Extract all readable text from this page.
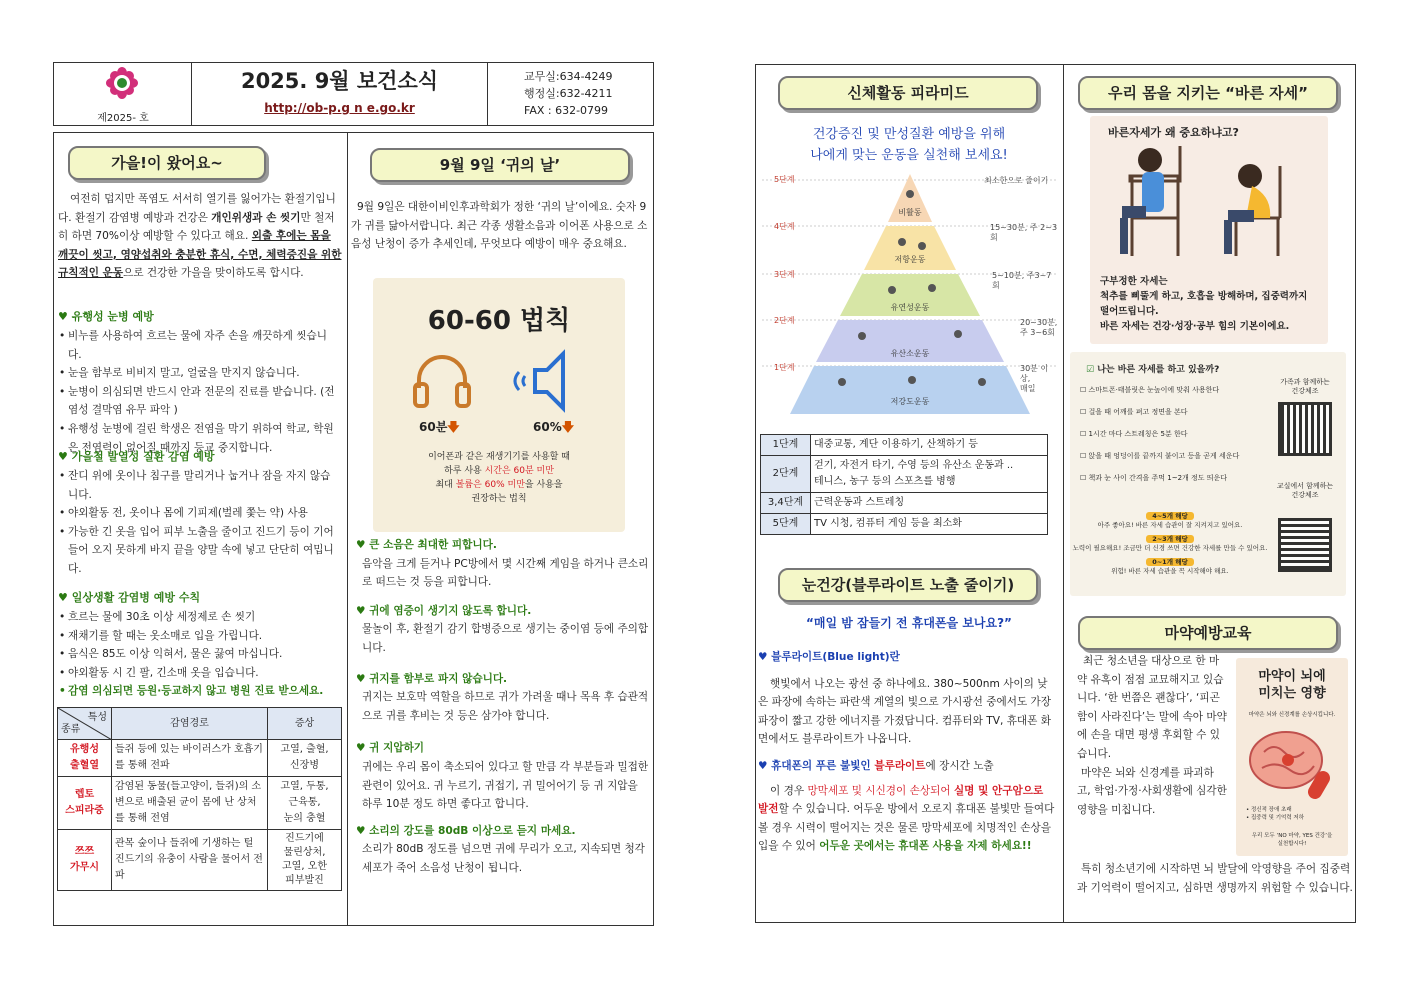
제2025- 호
2025. 9월 보건소식
http://ob-p.g n e.go.kr
교무실:634-4249
행정실:632-4211
FAX : 632-0799
가을!이 왔어요~
여전히 덥지만 폭염도 서서히 열기를 잃어가는 환절기입니다. 환절기 감염병 예방과 건강은 개인위생과 손 씻기만 철저히 하면 70%이상 예방할 수 있다고 해요. 외출 후에는 몸을 깨끗이 씻고, 영양섭취와 충분한 휴식, 수면, 체력증진을 위한 규칙적인 운동으로 건강한 가을을 맞이하도록 합시다.
♥ 유행성 눈병 예방
• 비누를 사용하여 흐르는 물에 자주 손을 깨끗하게 씻습니다.
• 눈을 함부로 비비지 말고, 얼굴을 만지지 않습니다.
• 눈병이 의심되면 반드시 안과 전문의 진료를 받습니다. (전염성 결막염 유무 파악 )
• 유행성 눈병에 걸린 학생은 전염을 막기 위하여 학교, 학원은 전염력이 없어질 때까지 등교 중지합니다.
♥ 가을철 발열성 질환 감염 예방
• 잔디 위에 옷이나 침구를 말리거나 눕거나 잠을 자지 않습니다.
• 야외활동 전, 옷이나 몸에 기피제(벌레 쫓는 약) 사용
• 가능한 긴 옷을 입어 피부 노출을 줄이고 진드기 등이 기어들어 오지 못하게 바지 끝을 양말 속에 넣고 단단히 여밉니다.
♥ 일상생활 감염병 예방 수칙
• 흐르는 물에 30초 이상 세정제로 손 씻기
• 재채기를 할 때는 옷소매로 입을 가립니다.
• 음식은 85도 이상 익혀서, 물은 끓여 마십니다.
• 야외활동 시 긴 팔, 긴소매 옷을 입습니다.
• 감염 의심되면 등원·등교하지 않고 병원 진료 받으세요.
특성
종류	감염경로	증상
유행성
출혈열	들쥐 등에 있는 바이러스가 호흡기를 통해 전파	고열, 출혈,
신장병
렙토
스피라증	감염된 동물(들고양이, 들쥐)의 소변으로 배출된 균이 몸에 난 상처를 통해 전염	고열, 두통,
근육통,
눈의 충혈
쯔쯔
가무시	관목 숲이나 들쥐에 기생하는 털 진드기의 유충이 사람을 물어서 전파	진드기에
물린상처,
고열, 오한
피부발진
9월 9일 ‘귀의 날’
9월 9일은 대한이비인후과학회가 정한 ‘귀의 날’이에요. 숫자 9가 귀를 닮아서랍니다. 최근 각종 생활소음과 이어폰 사용으로 소음성 난청이 증가 추세인데, 무엇보다 예방이 매우 중요해요.
60-60 법칙
60분🡇	60%🡇
이어폰과 같은 재생기기를 사용할 때
하루 사용 시간은 60분 미만
최대 볼륨은 60% 미만을 사용을
권장하는 법칙
♥ 큰 소음은 최대한 피합니다.
음악을 크게 듣거나 PC방에서 몇 시간째 게임을 하거나 큰소리로 떠드는 것 등을 피합니다.
♥ 귀에 염증이 생기지 않도록 합니다.
물놀이 후, 환절기 감기 합병증으로 생기는 중이염 등에 주의합니다.
♥ 귀지를 함부로 파지 않습니다.
귀지는 보호막 역할을 하므로 귀가 가려울 때나 목욕 후 습관적으로 귀를 후비는 것 등은 삼가야 합니다.
♥ 귀 지압하기
귀에는 우리 몸이 축소되어 있다고 할 만큼 각 부분들과 밀접한 관련이 있어요. 귀 누르기, 귀접기, 귀 밀어어기 등 귀 지압을 하루 10분 정도 하면 좋다고 합니다.
♥ 소리의 강도를 80dB 이상으로 듣지 마세요.
소리가 80dB 정도를 넘으면 귀에 무리가 오고, 지속되면 청각세포가 죽어 소음성 난청이 됩니다.
신체활동 피라미드
건강증진 및 만성질환 예방을 위해
나에게 맞는 운동을 실천해 보세요!
5단계
4단계
3단계
2단계
1단계
비활동
저항운동
유연성운동
유산소운동
저강도운동
최소한으로 줄이기
15~30분, 주 2~3회
5~10분, 주3~7회
20~30분,
주 3~6회
30분 이상,
매일
1단계	대중교통, 계단 이용하기, 산책하기 등
2단계	걷기, 자전거 타기, 수영 등의 유산소 운동과 ..
테니스, 농구 등의 스포츠를 병행
3,4단계	근력운동과 스트레칭
5단계	TV 시청, 컴퓨터 게임 등을 최소화
눈건강(블루라이트 노출 줄이기)
“매일 밤 잠들기 전 휴대폰을 보나요?”
♥ 블루라이트(Blue light)란
햇빛에서 나오는 광선 중 하나에요. 380~500nm 사이의 낮은 파장에 속하는 파란색 계열의 빛으로 가시광선 중에서도 가장 파장이 짧고 강한 에너지를 가졌답니다. 컴퓨터와 TV, 휴대폰 화면에서도 블루라이트가 나옵니다.
♥ 휴대폰의 푸른 불빛인 블루라이트에 장시간 노출
이 경우 망막세포 및 시신경이 손상되어 실명 및 안구암으로 발전할 수 있습니다. 어두운 방에서 오로지 휴대폰 불빛만 들여다 볼 경우 시력이 떨어지는 것은 물론 망막세포에 치명적인 손상을 입을 수 있어 어두운 곳에서는 휴대폰 사용을 자제 하세요!!
우리 몸을 지키는 “바른 자세”
바른자세가 왜 중요하냐고?
구부정한 자세는
척추를 삐뚤게 하고, 호흡을 방해하며, 집중력까지
떨어뜨립니다.
바른 자세는 건강·성장·공부 힘의 기본이에요.
☑ 나는 바른 자세를 하고 있을까?
☐ 스마트폰·태블릿은 눈높이에 맞춰 사용한다
☐ 걸을 때 어깨를 펴고 정면을 본다
☐ 1시간 마다 스트레칭은 5분 한다
☐ 앉을 때 엉덩이를 끝까지 붙이고 등을 곧게 세운다
☐ 책과 눈 사이 간격을 주먹 1~2개 정도 띄운다
가족과 함께하는
건강체조
교실에서 함께하는
건강체조
4~5개 해당
아주 좋아요! 바른 자세 습관이 잘 지켜지고 있어요.
2~3개 해당
노력이 필요해요! 조금만 더 신경 쓰면 건강한 자세를 만들 수 있어요.
0~1개 해당
위험! 바른 자세 습관을 꼭 시작해야 해요.
마약예방교육
최근 청소년을 대상으로 한 마약 유혹이 점점 교묘해지고 있습니다. ‘한 번쯤은 괜찮다’, ‘피곤함이 사라진다’는 말에 속아 마약에 손을 대면 평생 후회할 수 있습니다.
마약은 뇌와 신경계를 파괴하고, 학업·가정·사회생활에 심각한 영향을 미칩니다.
특히 청소년기에 시작하면 뇌 발달에 악영향을 주어 집중력과 기억력이 떨어지고, 심하면 생명까지 위험할 수 있습니다.
마약이 뇌에
미치는 영향
마약은 뇌와 신경계를 손상시킵니다.
• 정신적 장애 초래
• 집중력 및 기억력 저하
우리 모두 ‘NO 마약, YES 건강’을
실천합시다!
